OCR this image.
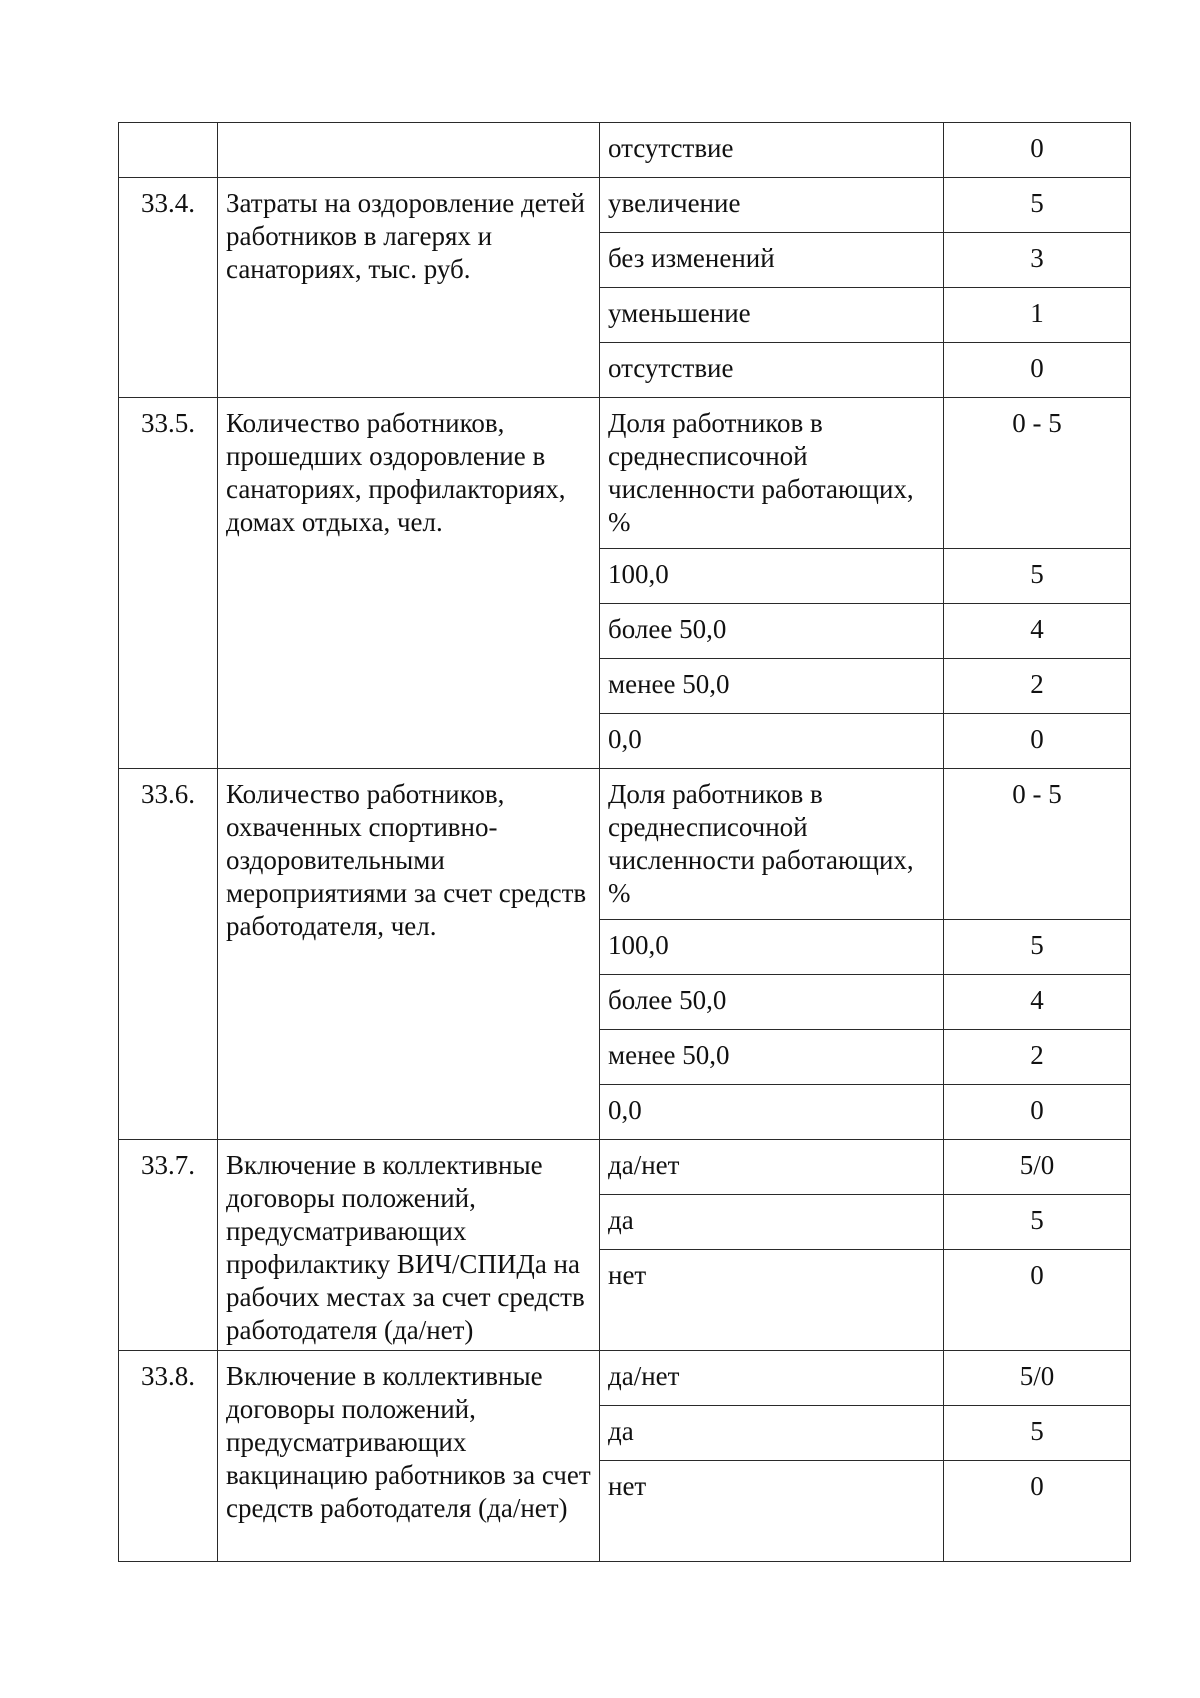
		отсутствие	0
33.4.	Затраты на оздоровление детей работников в лагерях и санаториях, тыс. руб.	увеличение	5
		без изменений	3
		уменьшение	1
		отсутствие	0
33.5.	Количество работников, прошедших оздоровление в санаториях, профилакториях, домах отдыха, чел.	Доля работников в среднесписочной численности работающих, %	0 - 5
		100,0	5
		более 50,0	4
		менее 50,0	2
		0,0	0
33.6.	Количество работников, охваченных спортивно-оздоровительными мероприятиями за счет средств работодателя, чел.	Доля работников в среднесписочной численности работающих, %	0 - 5
		100,0	5
		более 50,0	4
		менее 50,0	2
		0,0	0
33.7.	Включение в коллективные договоры положений, предусматривающих профилактику ВИЧ/СПИДа на рабочих местах за счет средств работодателя (да/нет)	да/нет	5/0
		да	5
		нет	0
33.8.	Включение в коллективные договоры положений, предусматривающих вакцинацию работников за счет средств работодателя (да/нет)	да/нет	5/0
		да	5
		нет	0
